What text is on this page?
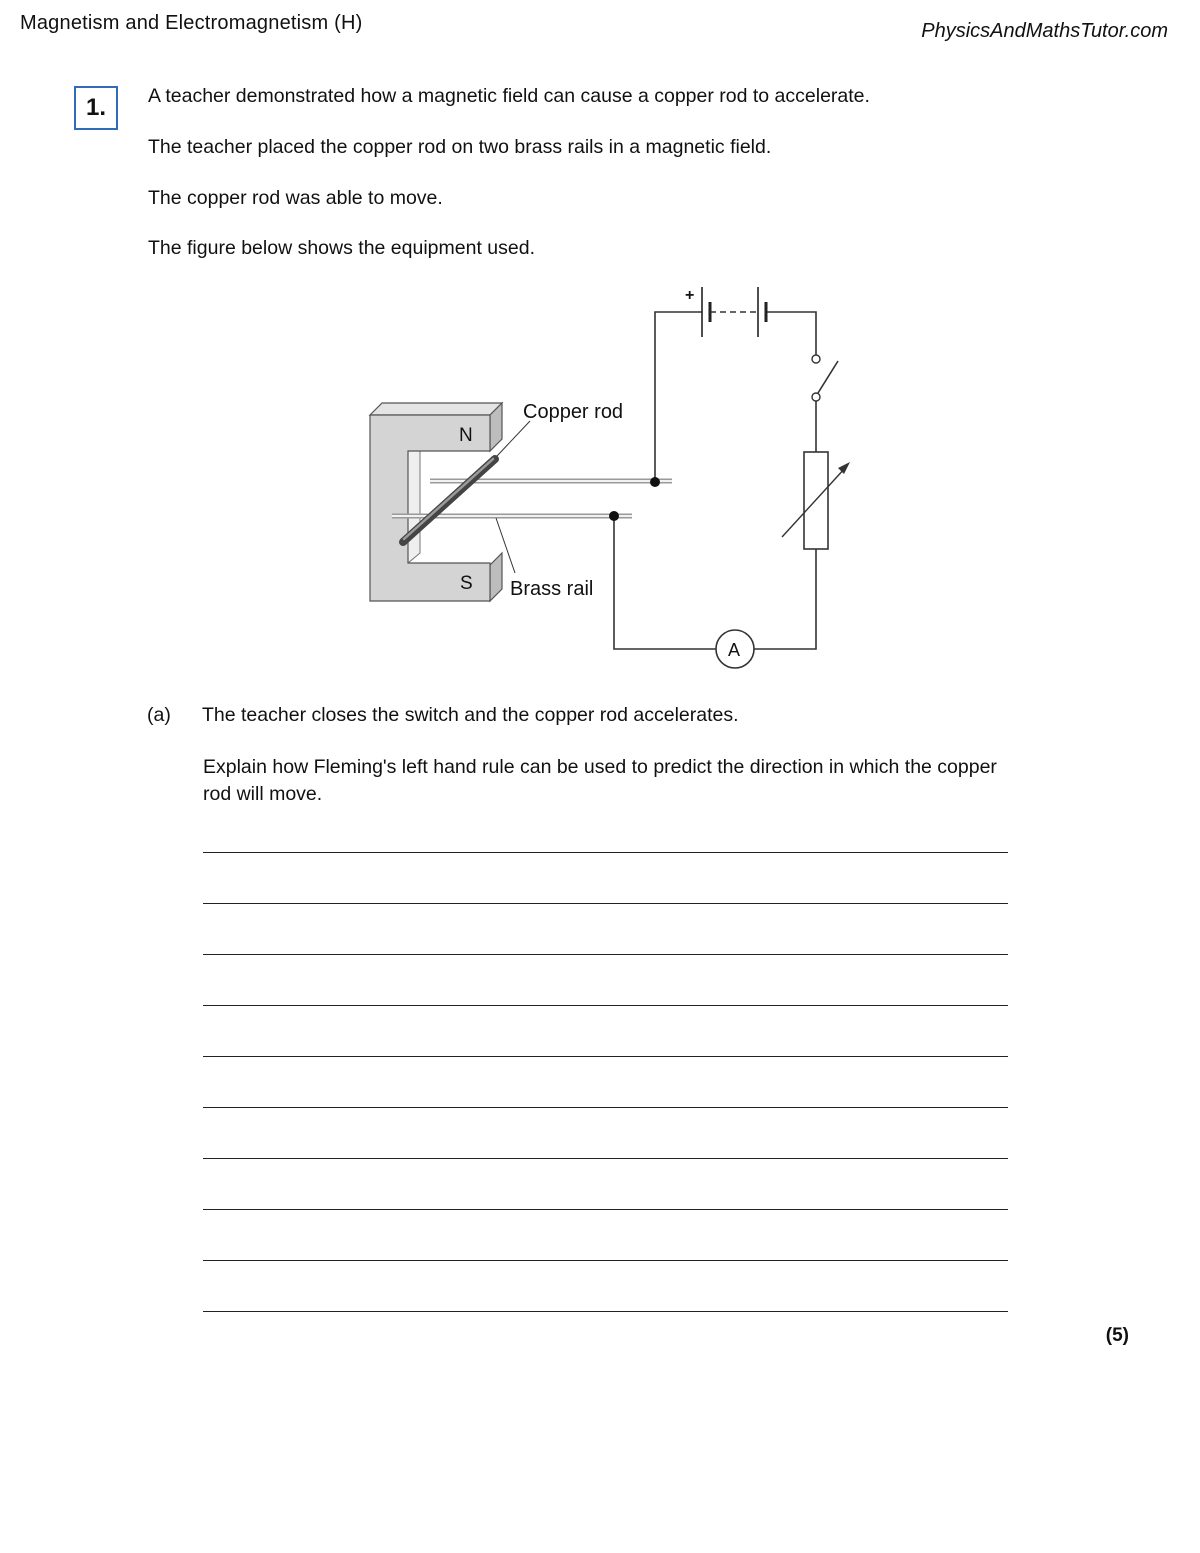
Magnetism and Electromagnetism (H)	PhysicsAndMathsTutor.com
1.	A teacher demonstrated how a magnetic field can cause a copper rod to accelerate.
The teacher placed the copper rod on two brass rails in a magnetic field.
The copper rod was able to move.
The figure below shows the equipment used.
N
S
Copper rod
Brass rail
+
A
(a) The teacher closes the switch and the copper rod accelerates.
Explain how Fleming's left hand rule can be used to predict the direction in which the copper rod will move.
(5)
